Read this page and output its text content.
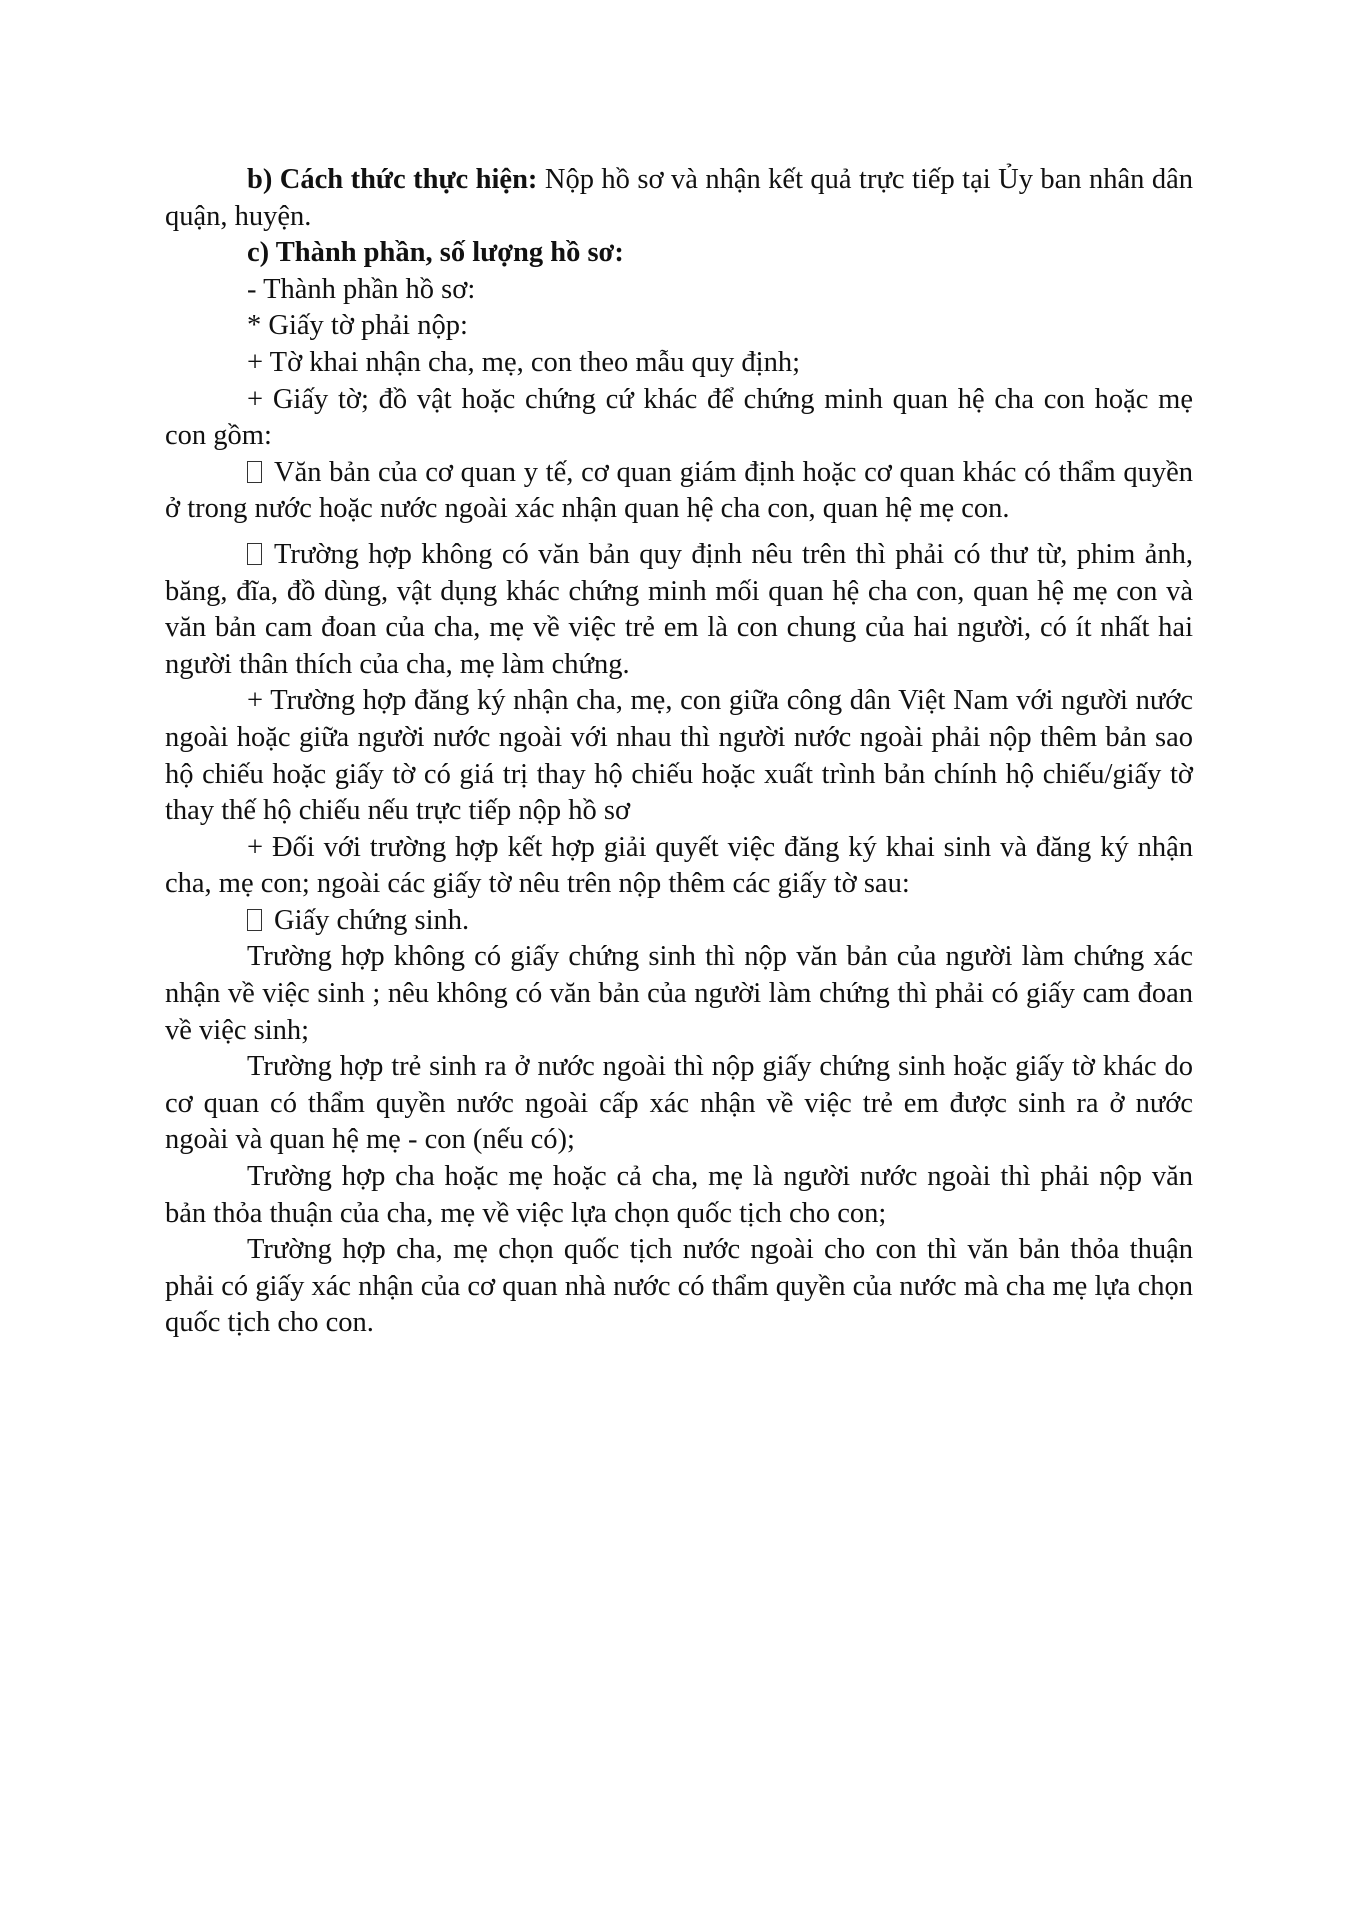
b) Cách thức thực hiện: Nộp hồ sơ và nhận kết quả trực tiếp tại Ủy ban nhân dân quận, huyện.

c) Thành phần, số lượng hồ sơ:

- Thành phần hồ sơ:

* Giấy tờ phải nộp:

+ Tờ khai nhận cha, mẹ, con theo mẫu quy định;

+ Giấy tờ; đồ vật hoặc chứng cứ khác để chứng minh quan hệ cha con hoặc mẹ con gồm:

Văn bản của cơ quan y tế, cơ quan giám định hoặc cơ quan khác có thẩm quyền ở trong nước hoặc nước ngoài xác nhận quan hệ cha con, quan hệ mẹ con.

Trường hợp không có văn bản quy định nêu trên thì phải có thư từ, phim ảnh, băng, đĩa, đồ dùng, vật dụng khác chứng minh mối quan hệ cha con, quan hệ mẹ con và văn bản cam đoan của cha, mẹ về việc trẻ em là con chung của hai người, có ít nhất hai người thân thích của cha, mẹ làm chứng.

+ Trường hợp đăng ký nhận cha, mẹ, con giữa công dân Việt Nam với người nước ngoài hoặc giữa người nước ngoài với nhau thì người nước ngoài phải nộp thêm bản sao hộ chiếu hoặc giấy tờ có giá trị thay hộ chiếu hoặc xuất trình bản chính hộ chiếu/giấy tờ thay thế hộ chiếu nếu trực tiếp nộp hồ sơ

+ Đối với trường hợp kết hợp giải quyết việc đăng ký khai sinh và đăng ký nhận cha, mẹ con; ngoài các giấy tờ nêu trên nộp thêm các giấy tờ sau:

Giấy chứng sinh.

Trường hợp không có giấy chứng sinh thì nộp văn bản của người làm chứng xác nhận về việc sinh ; nêu không có văn bản của người làm chứng thì phải có giấy cam đoan về việc sinh;

Trường hợp trẻ sinh ra ở nước ngoài thì nộp giấy chứng sinh hoặc giấy tờ khác do cơ quan có thẩm quyền nước ngoài cấp xác nhận về việc trẻ em được sinh ra ở nước ngoài và quan hệ mẹ - con (nếu có);

Trường hợp cha hoặc mẹ hoặc cả cha, mẹ là người nước ngoài thì phải nộp văn bản thỏa thuận của cha, mẹ về việc lựa chọn quốc tịch cho con;

Trường hợp cha, mẹ chọn quốc tịch nước ngoài cho con thì văn bản thỏa thuận phải có giấy xác nhận của cơ quan nhà nước có thẩm quyền của nước mà cha mẹ lựa chọn quốc tịch cho con.
